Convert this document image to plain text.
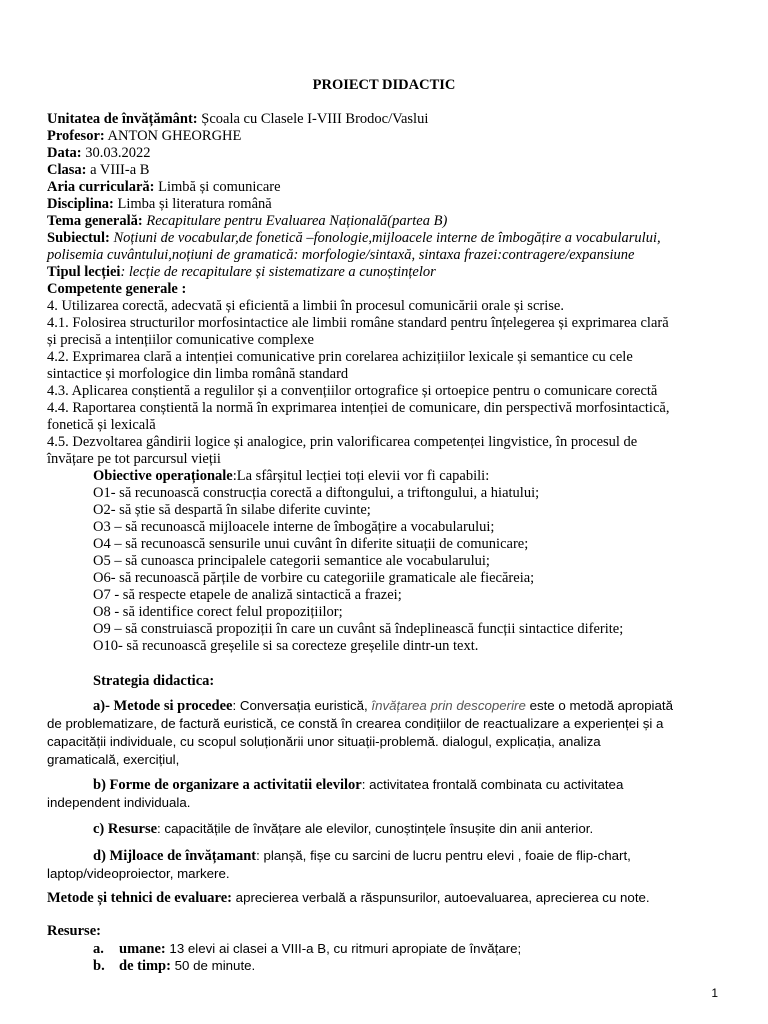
PROIECT DIDACTIC
Unitatea de învățământ: Școala cu Clasele I-VIII Brodoc/Vaslui
Profesor: ANTON GHEORGHE
Data: 30.03.2022
Clasa: a VIII-a B
Aria curriculară: Limbă și comunicare
Disciplina: Limba și literatura română
Tema generală: Recapitulare pentru Evaluarea Națională(partea B)
Subiectul: Noțiuni de vocabular,de fonetică –fonologie,mijloacele interne de îmbogățire a vocabularului,
polisemia cuvântului,noțiuni de gramatică: morfologie/sintaxă, sintaxa frazei:contragere/expansiune
Tipul lecției: lecție de recapitulare și sistematizare a cunoștințelor
Competente generale :
4. Utilizarea corectă, adecvată și eficientă a limbii în procesul comunicării orale și scrise.
4.1. Folosirea structurilor morfosintactice ale limbii române standard pentru înțelegerea și exprimarea clară
și precisă a intențiilor comunicative complexe
4.2. Exprimarea clară a intenției comunicative prin corelarea achizițiilor lexicale și semantice cu cele
sintactice și morfologice din limba română standard
4.3. Aplicarea conștientă a regulilor și a convențiilor ortografice și ortoepice pentru o comunicare corectă
4.4. Raportarea conștientă la normă în exprimarea intenției de comunicare, din perspectivă morfosintactică,
fonetică și lexicală
4.5. Dezvoltarea gândirii logice și analogice, prin valorificarea competenței lingvistice, în procesul de
învățare pe tot parcursul vieții
Obiective operaționale:La sfârșitul lecției toți elevii vor fi capabili:
O1- să recunoască construcția corectă a diftongului, a triftongului, a hiatului;
O2- să știe să despartă în silabe diferite cuvinte;
O3 – să recunoască mijloacele interne de îmbogățire a vocabularului;
O4 – să recunoască sensurile unui cuvânt în diferite situații de comunicare;
O5 – să cunoasca principalele categorii semantice ale vocabularului;
O6- să recunoască părțile de vorbire cu categoriile gramaticale ale fiecăreia;
O7 - să respecte etapele de analiză sintactică a frazei;
O8 - să identifice corect felul propozițiilor;
O9 – să construiască propoziții în care un cuvânt să îndeplinească funcții sintactice diferite;
O10- să recunoască greșelile si sa corecteze greșelile dintr-un text.
Strategia didactica:
a)- Metode si procedee: Conversația euristică, învățarea prin descoperire este o metodă apropiată
de problematizare, de factură euristică, ce constă în crearea condițiilor de reactualizare a experienței și a
capacității individuale, cu scopul soluționării unor situații-problemă. dialogul, explicația, analiza
gramaticală, exercițiul,
b) Forme de organizare a activitatii elevilor: activitatea frontală combinata cu activitatea
independent individuala.
c) Resurse: capacitățile de învățare ale elevilor, cunoștințele însușite din anii anterior.
d) Mijloace de învățamant: planșă, fișe cu sarcini de lucru pentru elevi , foaie de flip-chart,
laptop/videoproiector, markere.
Metode și tehnici de evaluare: aprecierea verbală a răspunsurilor, autoevaluarea, aprecierea cu note.
Resurse:
a. umane: 13 elevi ai clasei a VIII-a B, cu ritmuri apropiate de învățare;
b. de timp: 50 de minute.
1
